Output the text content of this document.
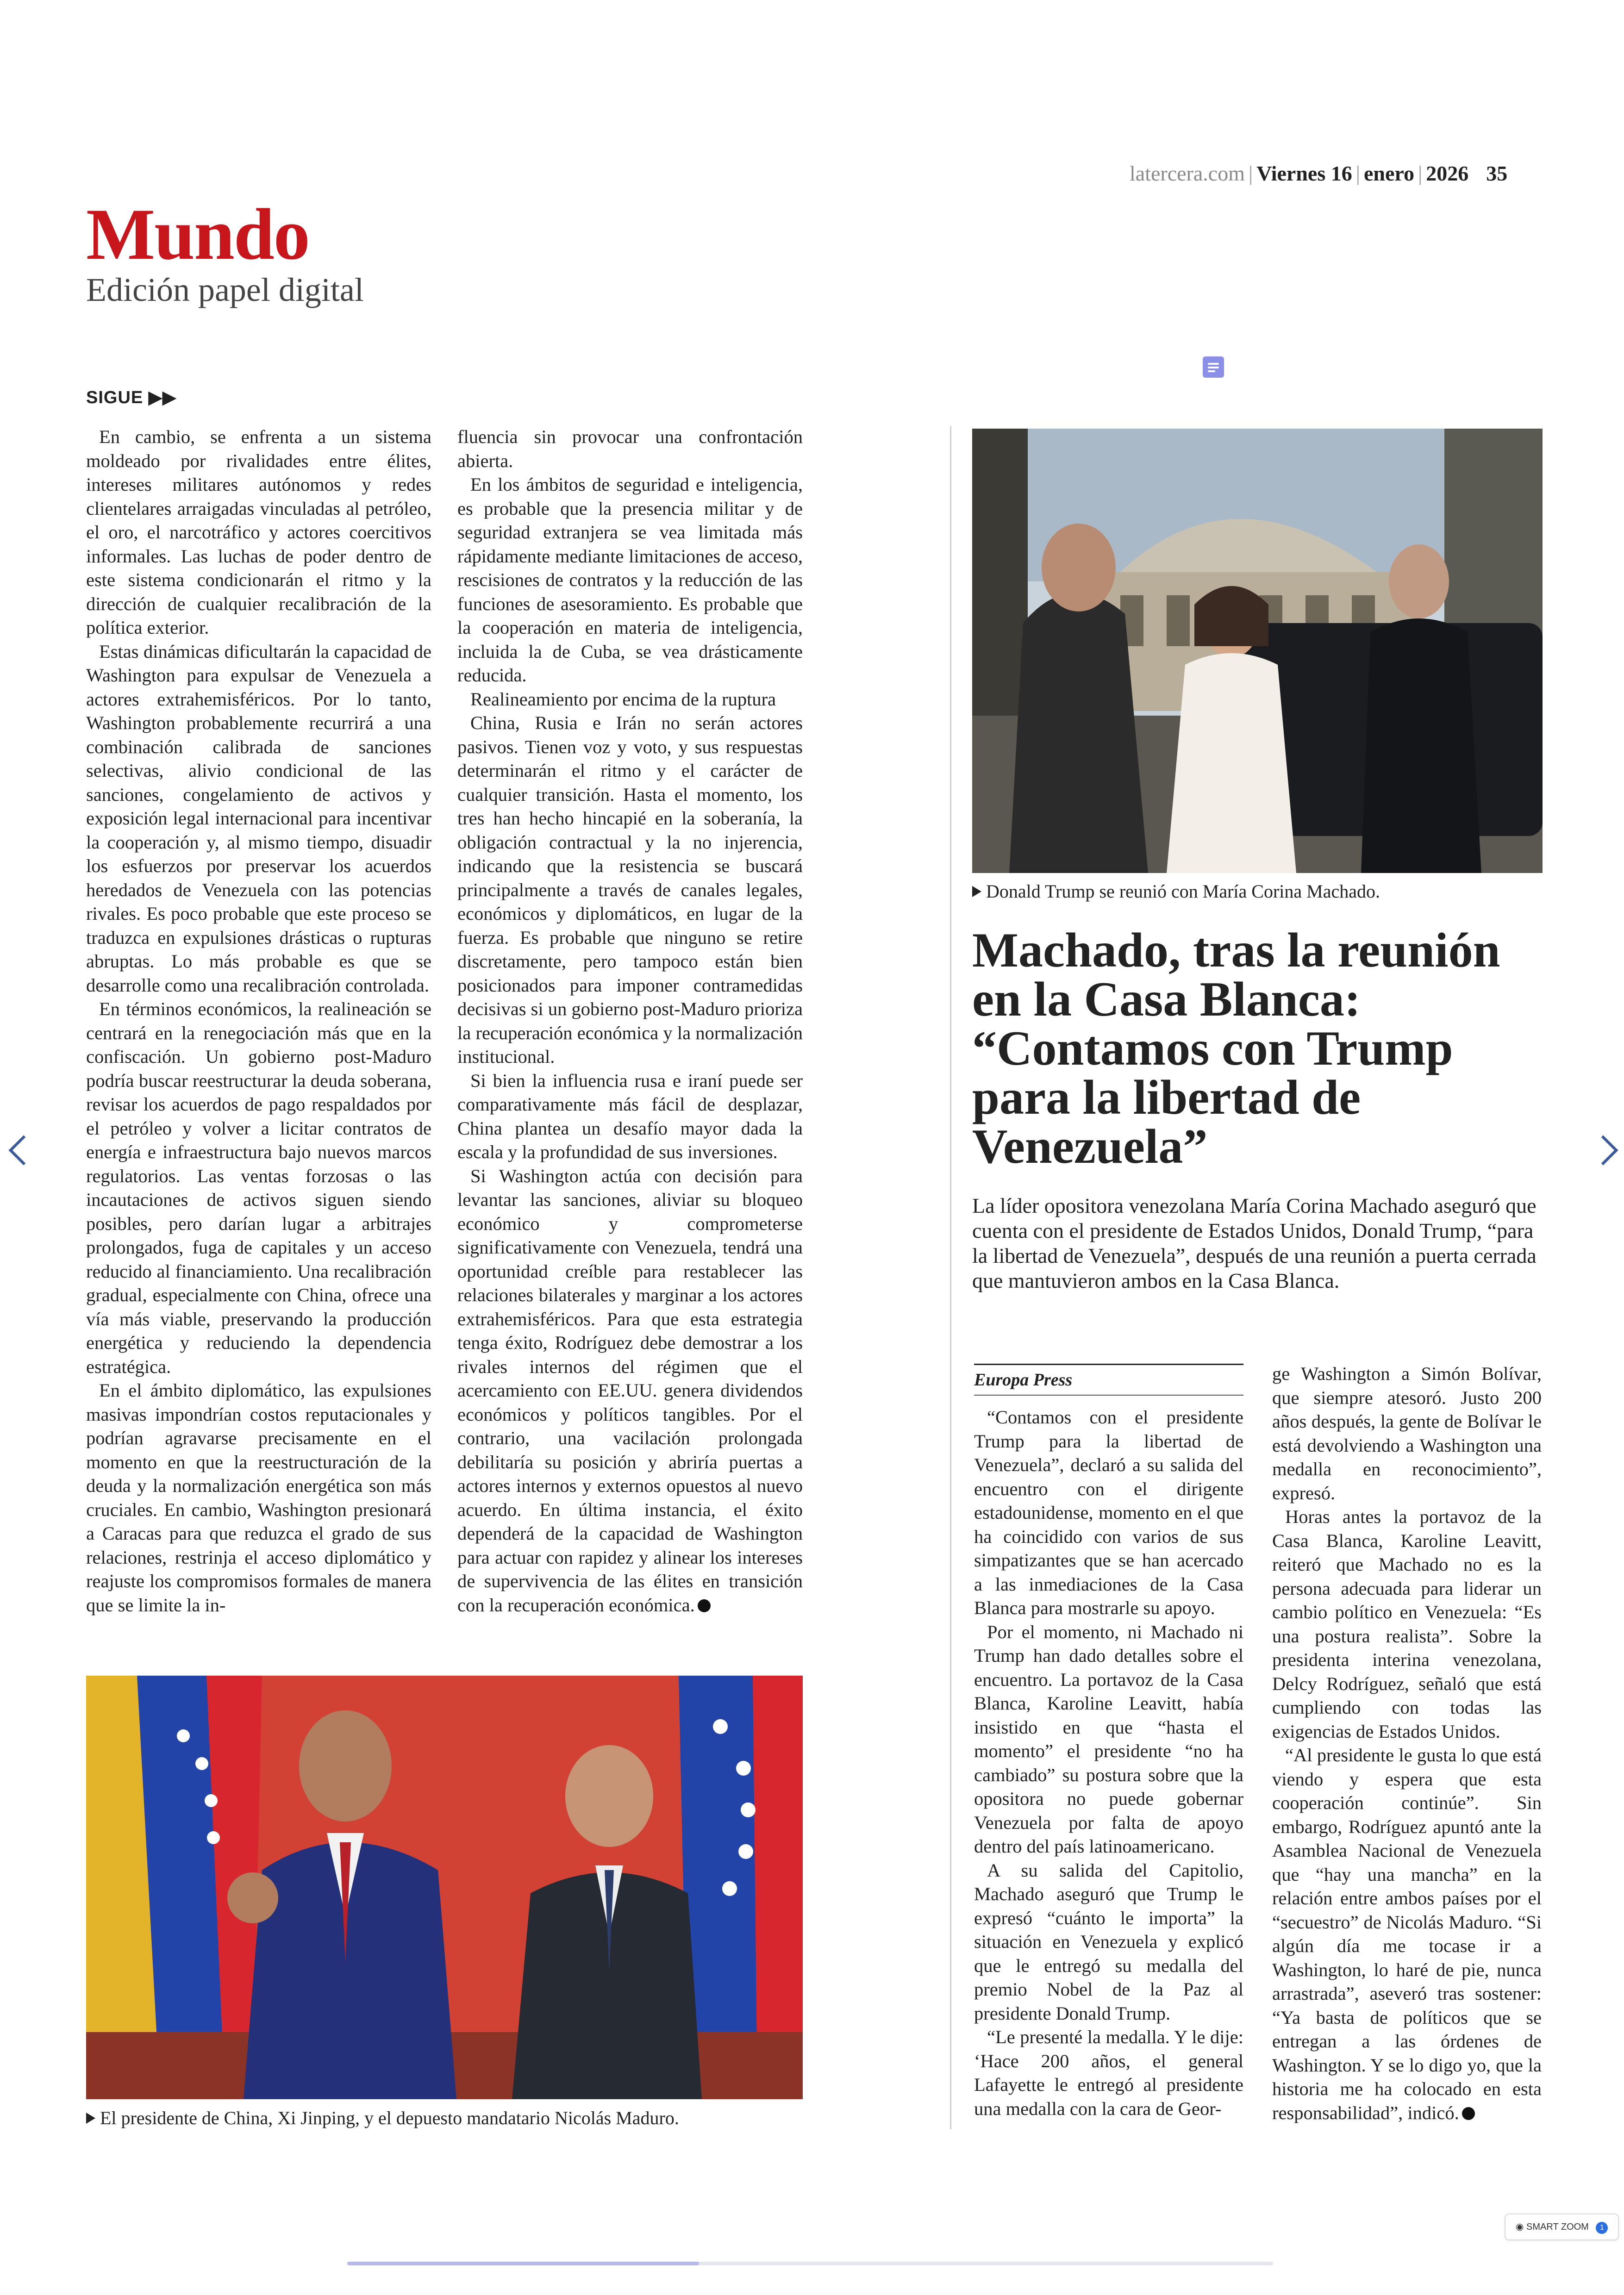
latercera.com | Viernes 16 | enero | 2026 35
Mundo
Edición papel digital
SIGUE ▶▶

En cambio, se enfrenta a un sistema moldeado por rivalidades entre élites, intereses militares autónomos y redes clientelares arraigadas vinculadas al petróleo, el oro, el narcotráfico y actores coercitivos informales. Las luchas de poder dentro de este sistema condicionarán el ritmo y la dirección de cualquier recalibración de la política exterior.

Estas dinámicas dificultarán la capacidad de Washington para expulsar de Venezuela a actores extrahemisféricos. Por lo tanto, Washington probablemente recurrirá a una combinación calibrada de sanciones selectivas, alivio condicional de las sanciones, congelamiento de activos y exposición legal internacional para incentivar la cooperación y, al mismo tiempo, disuadir los esfuerzos por preservar los acuerdos heredados de Venezuela con las potencias rivales. Es poco probable que este proceso se traduzca en expulsiones drásticas o rupturas abruptas. Lo más probable es que se desarrolle como una recalibración controlada.

En términos económicos, la realineación se centrará en la renegociación más que en la confiscación. Un gobierno post-Maduro podría buscar reestructurar la deuda soberana, revisar los acuerdos de pago respaldados por el petróleo y volver a licitar contratos de energía e infraestructura bajo nuevos marcos regulatorios. Las ventas forzosas o las incautaciones de activos siguen siendo posibles, pero darían lugar a arbitrajes prolongados, fuga de capitales y un acceso reducido al financiamiento. Una recalibración gradual, especialmente con China, ofrece una vía más viable, preservando la producción energética y reduciendo la dependencia estratégica.

En el ámbito diplomático, las expulsiones masivas impondrían costos reputacionales y podrían agravarse precisamente en el momento en que la reestructuración de la deuda y la normalización energética son más cruciales. En cambio, Washington presionará a Caracas para que reduzca el grado de sus relaciones, restrinja el acceso diplomático y reajuste los compromisos formales de manera que se limite la in-

fluencia sin provocar una confrontación abierta.

En los ámbitos de seguridad e inteligencia, es probable que la presencia militar y de seguridad extranjera se vea limitada más rápidamente mediante limitaciones de acceso, rescisiones de contratos y la reducción de las funciones de asesoramiento. Es probable que la cooperación en materia de inteligencia, incluida la de Cuba, se vea drásticamente reducida.

Realineamiento por encima de la ruptura

China, Rusia e Irán no serán actores pasivos. Tienen voz y voto, y sus respuestas determinarán el ritmo y el carácter de cualquier transición. Hasta el momento, los tres han hecho hincapié en la soberanía, la obligación contractual y la no injerencia, indicando que la resistencia se buscará principalmente a través de canales legales, económicos y diplomáticos, en lugar de la fuerza. Es probable que ninguno se retire discretamente, pero tampoco están bien posicionados para imponer contramedidas decisivas si un gobierno post-Maduro prioriza la recuperación económica y la normalización institucional.

Si bien la influencia rusa e iraní puede ser comparativamente más fácil de desplazar, China plantea un desafío mayor dada la escala y la profundidad de sus inversiones.

Si Washington actúa con decisión para levantar las sanciones, aliviar su bloqueo económico y comprometerse significativamente con Venezuela, tendrá una oportunidad creíble para restablecer las relaciones bilaterales y marginar a los actores extrahemisféricos. Para que esta estrategia tenga éxito, Rodríguez debe demostrar a los rivales internos del régimen que el acercamiento con EE.UU. genera dividendos económicos y políticos tangibles. Por el contrario, una vacilación prolongada debilitaría su posición y abriría puertas a actores internos y externos opuestos al nuevo acuerdo. En última instancia, el éxito dependerá de la capacidad de Washington para actuar con rapidez y alinear los intereses de supervivencia de las élites en transición con la recuperación económica.

El presidente de China, Xi Jinping, y el depuesto mandatario Nicolás Maduro.
Donald Trump se reunió con María Corina Machado.
Machado, tras la reunión en la Casa Blanca: “Contamos con Trump para la libertad de Venezuela”
La líder opositora venezolana María Corina Machado aseguró que cuenta con el presidente de Estados Unidos, Donald Trump, “para la libertad de Venezuela”, después de una reunión a puerta cerrada que mantuvieron ambos en la Casa Blanca.
Europa Press

“Contamos con el presidente Trump para la libertad de Venezuela”, declaró a su salida del encuentro con el dirigente estadounidense, momento en el que ha coincidido con varios de sus simpatizantes que se han acercado a las inmediaciones de la Casa Blanca para mostrarle su apoyo.

Por el momento, ni Machado ni Trump han dado detalles sobre el encuentro. La portavoz de la Casa Blanca, Karoline Leavitt, había insistido en que “hasta el momento” el presidente “no ha cambiado” su postura sobre que la opositora no puede gobernar Venezuela por falta de apoyo dentro del país latinoamericano.

A su salida del Capitolio, Machado aseguró que Trump le expresó “cuánto le importa” la situación en Venezuela y explicó que le entregó su medalla del premio Nobel de la Paz al presidente Donald Trump.

“Le presenté la medalla. Y le dije: ‘Hace 200 años, el general Lafayette le entregó al presidente una medalla con la cara de Geor-

ge Washington a Simón Bolívar, que siempre atesoró. Justo 200 años después, la gente de Bolívar le está devolviendo a Washington una medalla en reconocimiento”, expresó.

Horas antes la portavoz de la Casa Blanca, Karoline Leavitt, reiteró que Machado no es la persona adecuada para liderar un cambio político en Venezuela: “Es una postura realista”. Sobre la presidenta interina venezolana, Delcy Rodríguez, señaló que está cumpliendo con todas las exigencias de Estados Unidos.

“Al presidente le gusta lo que está viendo y espera que esta cooperación continúe”. Sin embargo, Rodríguez apuntó ante la Asamblea Nacional de Venezuela que “hay una mancha” en la relación entre ambos países por el “secuestro” de Nicolás Maduro. “Si algún día me tocase ir a Washington, lo haré de pie, nunca arrastrada”, aseveró tras sostener: “Ya basta de políticos que se entregan a las órdenes de Washington. Y se lo digo yo, que la historia me ha colocado en esta responsabilidad”, indicó.

◉ SMART ZOOM 1
